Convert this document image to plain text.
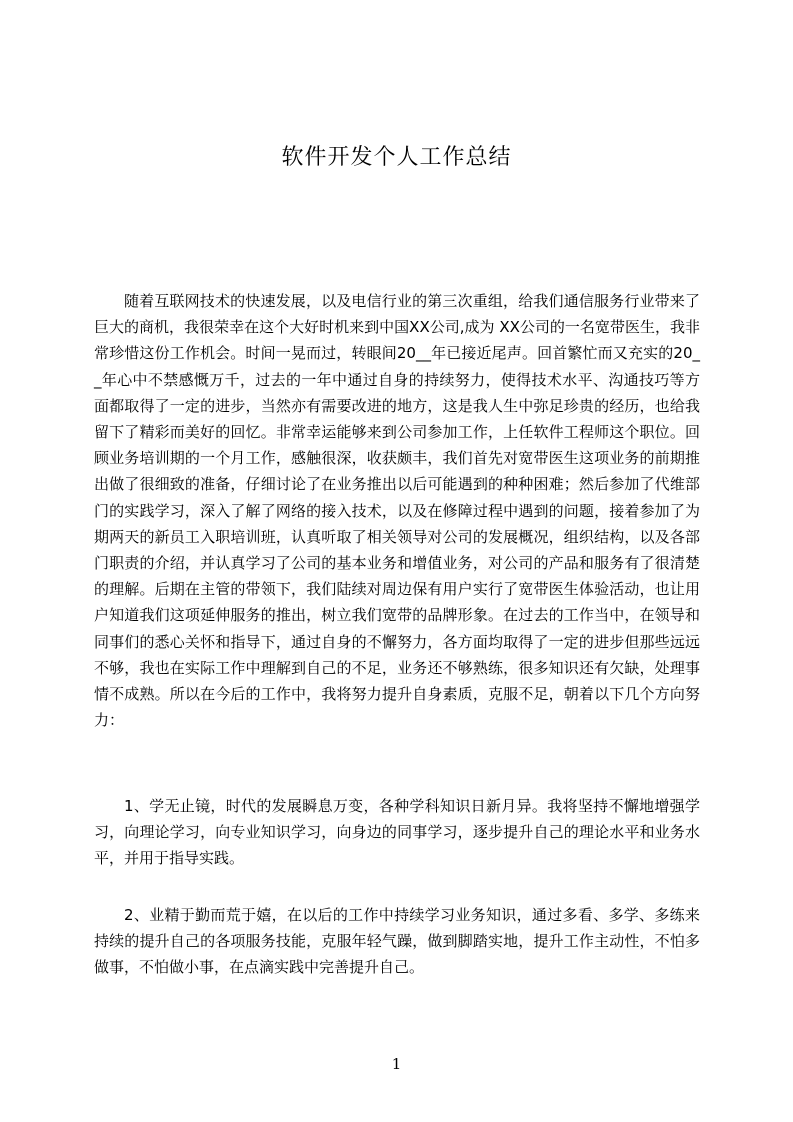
软件开发个人工作总结

随着互联网技术的快速发展，以及电信行业的第三次重组，给我们通信服务行业带来了巨大的商机，我很荣幸在这个大好时机来到中国XX公司,成为 XX公司的一名宽带医生，我非常珍惜这份工作机会。时间一晃而过，转眼间20__年已接近尾声。回首繁忙而又充实的20__年心中不禁感慨万千，过去的一年中通过自身的持续努力，使得技术水平、沟通技巧等方面都取得了一定的进步，当然亦有需要改进的地方，这是我人生中弥足珍贵的经历，也给我留下了精彩而美好的回忆。非常幸运能够来到公司参加工作，上任软件工程师这个职位。回顾业务培训期的一个月工作，感触很深，收获颇丰，我们首先对宽带医生这项业务的前期推出做了很细致的准备，仔细讨论了在业务推出以后可能遇到的种种困难；然后参加了代维部门的实践学习，深入了解了网络的接入技术，以及在修障过程中遇到的问题，接着参加了为期两天的新员工入职培训班，认真听取了相关领导对公司的发展概况，组织结构，以及各部门职责的介绍，并认真学习了公司的基本业务和增值业务，对公司的产品和服务有了很清楚的理解。后期在主管的带领下，我们陆续对周边保有用户实行了宽带医生体验活动，也让用户知道我们这项延伸服务的推出，树立我们宽带的品牌形象。在过去的工作当中，在领导和同事们的悉心关怀和指导下，通过自身的不懈努力，各方面均取得了一定的进步但那些远远不够，我也在实际工作中理解到自己的不足，业务还不够熟练，很多知识还有欠缺，处理事情不成熟。所以在今后的工作中，我将努力提升自身素质，克服不足，朝着以下几个方向努力：

1、学无止镜，时代的发展瞬息万变，各种学科知识日新月异。我将坚持不懈地增强学习，向理论学习，向专业知识学习，向身边的同事学习，逐步提升自己的理论水平和业务水平，并用于指导实践。

2、业精于勤而荒于嬉，在以后的工作中持续学习业务知识，通过多看、多学、多练来持续的提升自己的各项服务技能，克服年轻气躁，做到脚踏实地，提升工作主动性，不怕多做事，不怕做小事，在点滴实践中完善提升自己。

1
